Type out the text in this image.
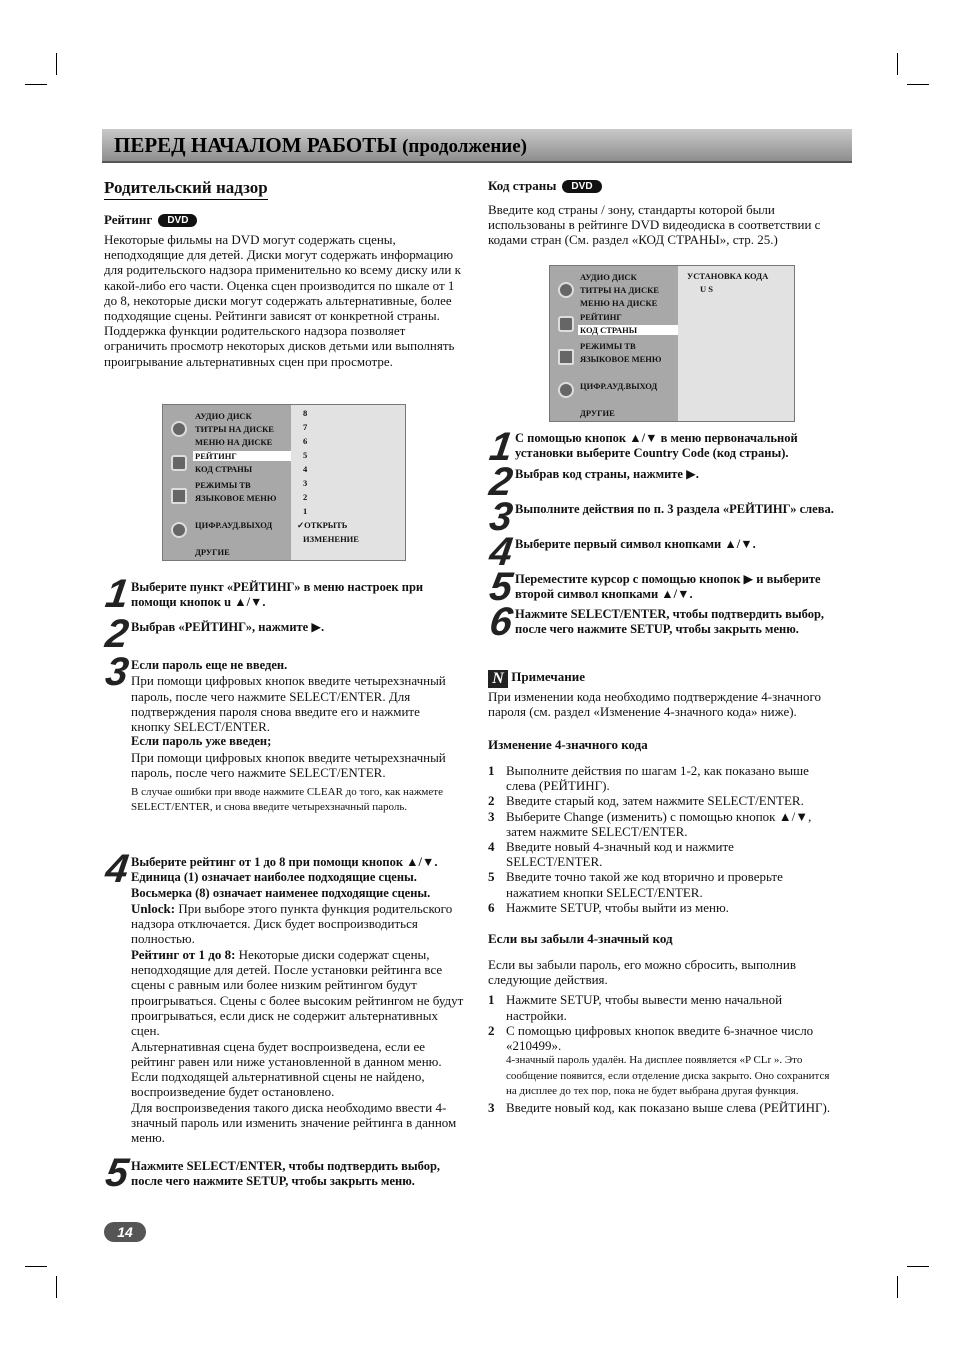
ПЕРЕД НАЧАЛОМ РАБОТЫ (продолжение)
Родительский надзор
Рейтинг DVD
Некоторые фильмы на DVD могут содержать сцены, неподходящие для детей. Диски могут содержать информацию для родительского надзора применительно ко всему диску или к какой-либо его части. Оценка сцен производится по шкале от 1 до 8, некоторые диски могут содержать альтернативные, более подходящие сцены. Рейтинги зависят от конкретной страны. Поддержка функции родительского надзора позволяет ограничить просмотр некоторых дисков детьми или выполнять проигрывание альтернативных сцен при просмотре.
АУДИО ДИСК
ТИТРЫ НА ДИСКЕ
МЕНЮ НА ДИСКЕ
РЕЙТИНГ
КОД СТРАНЫ
РЕЖИМЫ ТВ
ЯЗЫКОВОЕ МЕНЮ
ЦИФР.АУД.ВЫХОД
ДРУГИЕ
8
7
6
5
4
3
2
1
✓ОТКРЫТЬ
ИЗМЕНЕНИЕ
1 Выберите пункт «РЕЙТИНГ» в меню настроек при помощи кнопок u ▲/▼.
2 Выбрав «РЕЙТИНГ», нажмите ▶.
3 Если пароль еще не введен.
При помощи цифровых кнопок введите четырехзначный пароль, после чего нажмите SELECT/ENTER. Для подтверждения пароля снова введите его и нажмите кнопку SELECT/ENTER.
Если пароль уже введен;
При помощи цифровых кнопок введите четырехзначный пароль, после чего нажмите SELECT/ENTER.
В случае ошибки при вводе нажмите CLEAR до того, как нажмете SELECT/ENTER, и снова введите четырехзначный пароль.
4 Выберите рейтинг от 1 до 8 при помощи кнопок ▲/▼.
Единица (1) означает наиболее подходящие сцены.
Восьмерка (8) означает наименее подходящие сцены.
Unlock: При выборе этого пункта функция родительского надзора отключается. Диск будет воспроизводиться полностью.
Рейтинг от 1 до 8: Некоторые диски содержат сцены, неподходящие для детей. После установки рейтинга все сцены с равным или более низким рейтингом будут проигрываться. Сцены с более высоким рейтингом не будут проигрываться, если диск не содержит альтернативных сцен.
Альтернативная сцена будет воспроизведена, если ее рейтинг равен или ниже установленной в данном меню. Если подходящей альтернативной сцены не найдено, воспроизведение будет остановлено.
Для воспроизведения такого диска необходимо ввести 4-значный пароль или изменить значение рейтинга в данном меню.
5 Нажмите SELECT/ENTER, чтобы подтвердить выбор, после чего нажмите SETUP, чтобы закрыть меню.
14
Код страны DVD
Введите код страны / зону, стандарты которой были использованы в рейтинге DVD видеодиска в соответствии с кодами стран (См. раздел «КОД СТРАНЫ», стр. 25.)
АУДИО ДИСК
ТИТРЫ НА ДИСКЕ
МЕНЮ НА ДИСКЕ
РЕЙТИНГ
КОД СТРАНЫ
РЕЖИМЫ ТВ
ЯЗЫКОВОЕ МЕНЮ
ЦИФР.АУД.ВЫХОД
ДРУГИЕ
УСТАНОВКА КОДА
U S
1 С помощью кнопок ▲/▼ в меню первоначальной установки выберите Country Code (код страны).
2 Выбрав код страны, нажмите ▶.
3 Выполните действия по п. 3 раздела «РЕЙТИНГ» слева.
4 Выберите первый символ кнопками ▲/▼.
5 Переместите курсор с помощью кнопок ▶ и выберите второй символ кнопками ▲/▼.
6 Нажмите SELECT/ENTER, чтобы подтвердить выбор, после чего нажмите SETUP, чтобы закрыть меню.
N Примечание
При изменении кода необходимо подтверждение 4-значного пароля (см. раздел «Изменение 4-значного кода» ниже).
Изменение 4-значного кода
1 Выполните действия по шагам 1-2, как показано выше слева (РЕЙТИНГ).
2 Введите старый код, затем нажмите SELECT/ENTER.
3 Выберите Change (изменить) с помощью кнопок ▲/▼, затем нажмите SELECT/ENTER.
4 Введите новый 4-значный код и нажмите SELECT/ENTER.
5 Введите точно такой же код вторично и проверьте нажатием кнопки SELECT/ENTER.
6 Нажмите SETUP, чтобы выйти из меню.
Если вы забыли 4-значный код
Если вы забыли пароль, его можно сбросить, выполнив следующие действия.
1 Нажмите SETUP, чтобы вывести меню начальной настройки.
2 С помощью цифровых кнопок введите 6-значное число «210499».
4-значный пароль удалён. На дисплее появляется «P CLr ». Это сообщение появится, если отделение диска закрыто. Оно сохранится на дисплее до тех пор, пока не будет выбрана другая функция.
3 Введите новый код, как показано выше слева (РЕЙТИНГ).
